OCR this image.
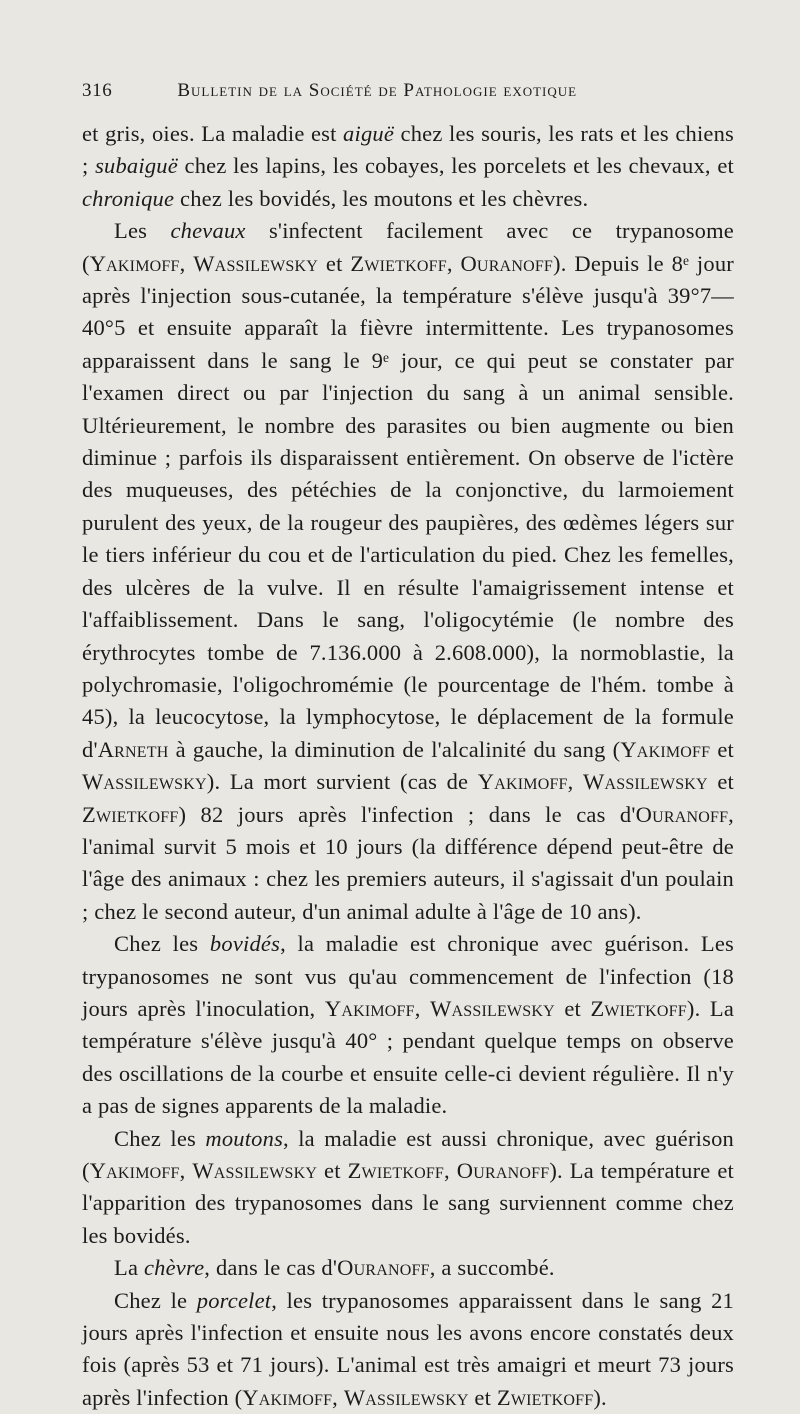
316	Bulletin de la Société de Pathologie exotique

et gris, oies. La maladie est aiguë chez les souris, les rats et les chiens ; subaiguë chez les lapins, les cobayes, les porcelets et les chevaux, et chronique chez les bovidés, les moutons et les chèvres.

Les chevaux s'infectent facilement avec ce trypanosome (Yakimoff, Wassilewsky et Zwietkoff, Ouranoff). Depuis le 8ᵉ jour après l'injection sous-cutanée, la température s'élève jusqu'à 39°7—40°5 et ensuite apparaît la fièvre intermittente. Les trypanosomes apparaissent dans le sang le 9ᵉ jour, ce qui peut se constater par l'examen direct ou par l'injection du sang à un animal sensible. Ultérieurement, le nombre des parasites ou bien augmente ou bien diminue ; parfois ils disparaissent entièrement. On observe de l'ictère des muqueuses, des pétéchies de la conjonctive, du larmoiement purulent des yeux, de la rougeur des paupières, des œdèmes légers sur le tiers inférieur du cou et de l'articulation du pied. Chez les femelles, des ulcères de la vulve. Il en résulte l'amaigrissement intense et l'affaiblissement. Dans le sang, l'oligocytémie (le nombre des érythrocytes tombe de 7.136.000 à 2.608.000), la normoblastie, la polychromasie, l'oligochromémie (le pourcentage de l'hém. tombe à 45), la leucocytose, la lymphocytose, le déplacement de la formule d'Arneth à gauche, la diminution de l'alcalinité du sang (Yakimoff et Wassilewsky). La mort survient (cas de Yakimoff, Wassilewsky et Zwietkoff) 82 jours après l'infection ; dans le cas d'Ouranoff, l'animal survit 5 mois et 10 jours (la différence dépend peut-être de l'âge des animaux : chez les premiers auteurs, il s'agissait d'un poulain ; chez le second auteur, d'un animal adulte à l'âge de 10 ans).

Chez les bovidés, la maladie est chronique avec guérison. Les trypanosomes ne sont vus qu'au commencement de l'infection (18 jours après l'inoculation, Yakimoff, Wassilewsky et Zwietkoff). La température s'élève jusqu'à 40° ; pendant quelque temps on observe des oscillations de la courbe et ensuite celle-ci devient régulière. Il n'y a pas de signes apparents de la maladie.

Chez les moutons, la maladie est aussi chronique, avec guérison (Yakimoff, Wassilewsky et Zwietkoff, Ouranoff). La température et l'apparition des trypanosomes dans le sang surviennent comme chez les bovidés.

La chèvre, dans le cas d'Ouranoff, a succombé.

Chez le porcelet, les trypanosomes apparaissent dans le sang 21 jours après l'infection et ensuite nous les avons encore constatés deux fois (après 53 et 71 jours). L'animal est très amaigri et meurt 73 jours après l'infection (Yakimoff, Wassilewsky et Zwietkoff).
